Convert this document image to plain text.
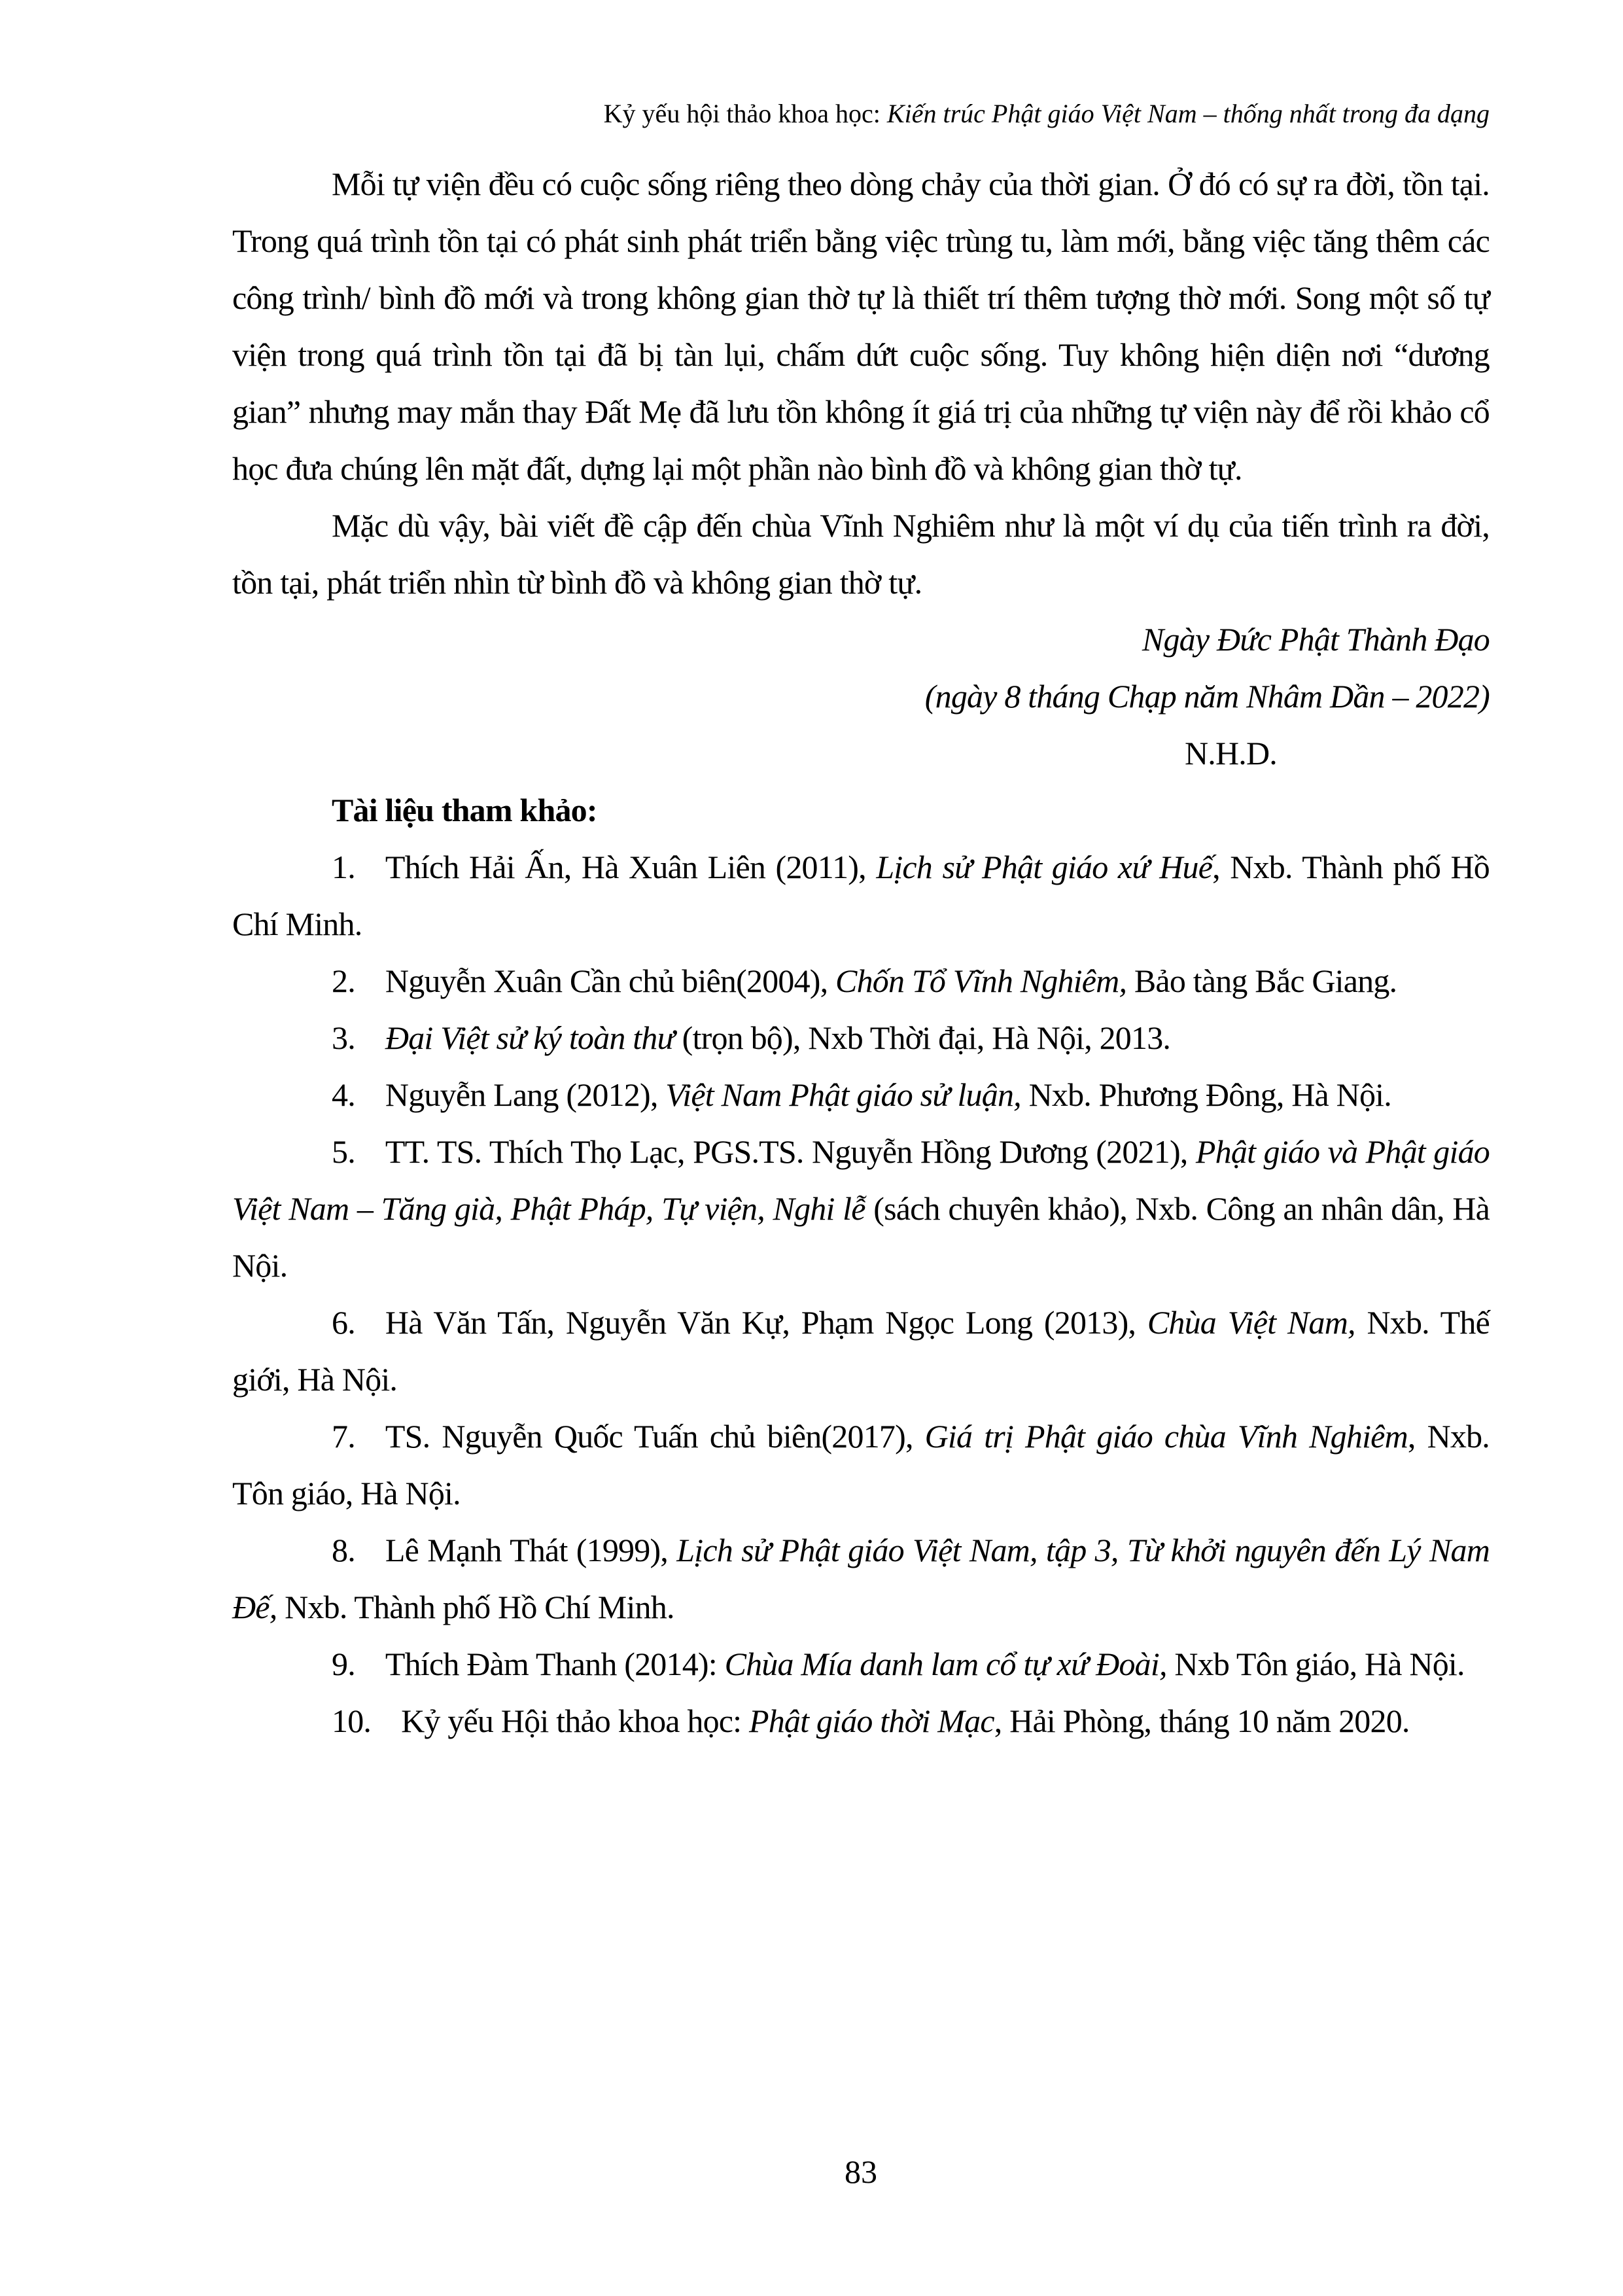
Kỷ yếu hội thảo khoa học: Kiến trúc Phật giáo Việt Nam – thống nhất trong đa dạng

Mỗi tự viện đều có cuộc sống riêng theo dòng chảy của thời gian. Ở đó có sự ra đời, tồn tại. Trong quá trình tồn tại có phát sinh phát triển bằng việc trùng tu, làm mới, bằng việc tăng thêm các công trình/ bình đồ mới và trong không gian thờ tự là thiết trí thêm tượng thờ mới. Song một số tự viện trong quá trình tồn tại đã bị tàn lụi, chấm dứt cuộc sống. Tuy không hiện diện nơi “dương gian” nhưng may mắn thay Đất Mẹ đã lưu tồn không ít giá trị của những tự viện này để rồi khảo cổ học đưa chúng lên mặt đất, dựng lại một phần nào bình đồ và không gian thờ tự.

Mặc dù vậy, bài viết đề cập đến chùa Vĩnh Nghiêm như là một ví dụ của tiến trình ra đời, tồn tại, phát triển nhìn từ bình đồ và không gian thờ tự.

Ngày Đức Phật Thành Đạo

(ngày 8 tháng Chạp năm Nhâm Dần – 2022)

N.H.D.

Tài liệu tham khảo:

1. Thích Hải Ấn, Hà Xuân Liên (2011), Lịch sử Phật giáo xứ Huế, Nxb. Thành phố Hồ Chí Minh.

2. Nguyễn Xuân Cần chủ biên(2004), Chốn Tổ Vĩnh Nghiêm, Bảo tàng Bắc Giang.

3. Đại Việt sử ký toàn thư (trọn bộ), Nxb Thời đại, Hà Nội, 2013.

4. Nguyễn Lang (2012), Việt Nam Phật giáo sử luận, Nxb. Phương Đông, Hà Nội.

5. TT. TS. Thích Thọ Lạc, PGS.TS. Nguyễn Hồng Dương (2021), Phật giáo và Phật giáo Việt Nam – Tăng già, Phật Pháp, Tự viện, Nghi lễ (sách chuyên khảo), Nxb. Công an nhân dân, Hà Nội.

6. Hà Văn Tấn, Nguyễn Văn Kự, Phạm Ngọc Long (2013), Chùa Việt Nam, Nxb. Thế giới, Hà Nội.

7. TS. Nguyễn Quốc Tuấn chủ biên(2017), Giá trị Phật giáo chùa Vĩnh Nghiêm, Nxb. Tôn giáo, Hà Nội.

8. Lê Mạnh Thát (1999), Lịch sử Phật giáo Việt Nam, tập 3, Từ khởi nguyên đến Lý Nam Đế, Nxb. Thành phố Hồ Chí Minh.

9. Thích Đàm Thanh (2014): Chùa Mía danh lam cổ tự xứ Đoài, Nxb Tôn giáo, Hà Nội.

10. Kỷ yếu Hội thảo khoa học: Phật giáo thời Mạc, Hải Phòng, tháng 10 năm 2020.

83
